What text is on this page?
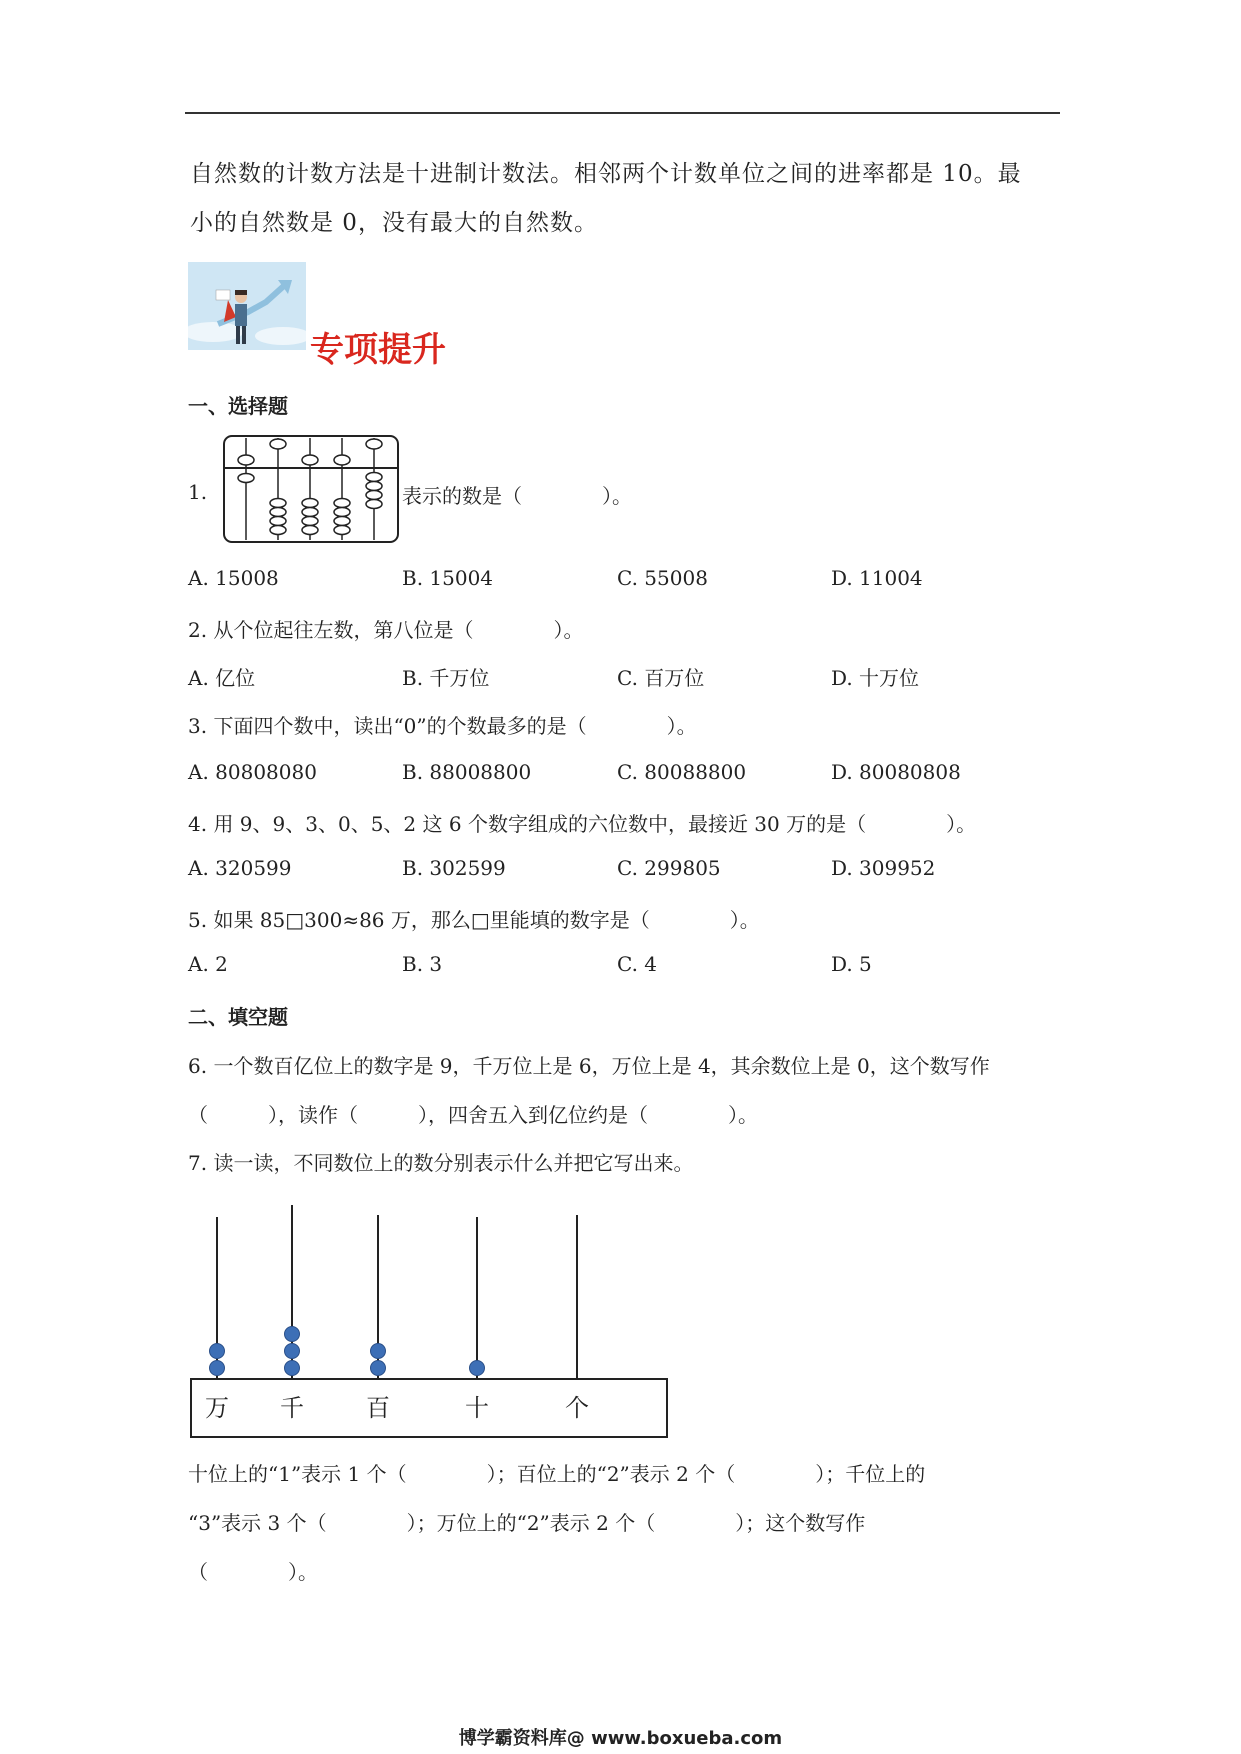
自然数的计数方法是十进制计数法。相邻两个计数单位之间的进率都是 10。最
小的自然数是 0，没有最大的自然数。
专项提升
一、选择题
1.	表示的数是（　　　　）。
A. 15008	B. 15004	C. 55008	D. 11004
2. 从个位起往左数，第八位是（　　　　）。
A. 亿位	B. 千万位	C. 百万位	D. 十万位
3. 下面四个数中，读出“0”的个数最多的是（　　　　）。
A. 80808080	B. 88008800	C. 80088800	D. 80080808
4. 用 9、9、3、0、5、2 这 6 个数字组成的六位数中，最接近 30 万的是（　　　　）。
A. 320599	B. 302599	C. 299805	D. 309952
5. 如果 85□300≈86 万，那么□里能填的数字是（　　　　）。
A. 2	B. 3	C. 4	D. 5
二、填空题
6. 一个数百亿位上的数字是 9，千万位上是 6，万位上是 4，其余数位上是 0，这个数写作
（　　　），读作（　　　），四舍五入到亿位约是（　　　　）。
7. 读一读，不同数位上的数分别表示什么并把它写出来。
万 千	百	十	个
十位上的“1”表示 1 个（　　　　）；百位上的“2”表示 2 个（　　　　）；千位上的
“3”表示 3 个（　　　　）；万位上的“2”表示 2 个（　　　　）；这个数写作
（　　　　）。
博学霸资料库@ www.boxueba.com
